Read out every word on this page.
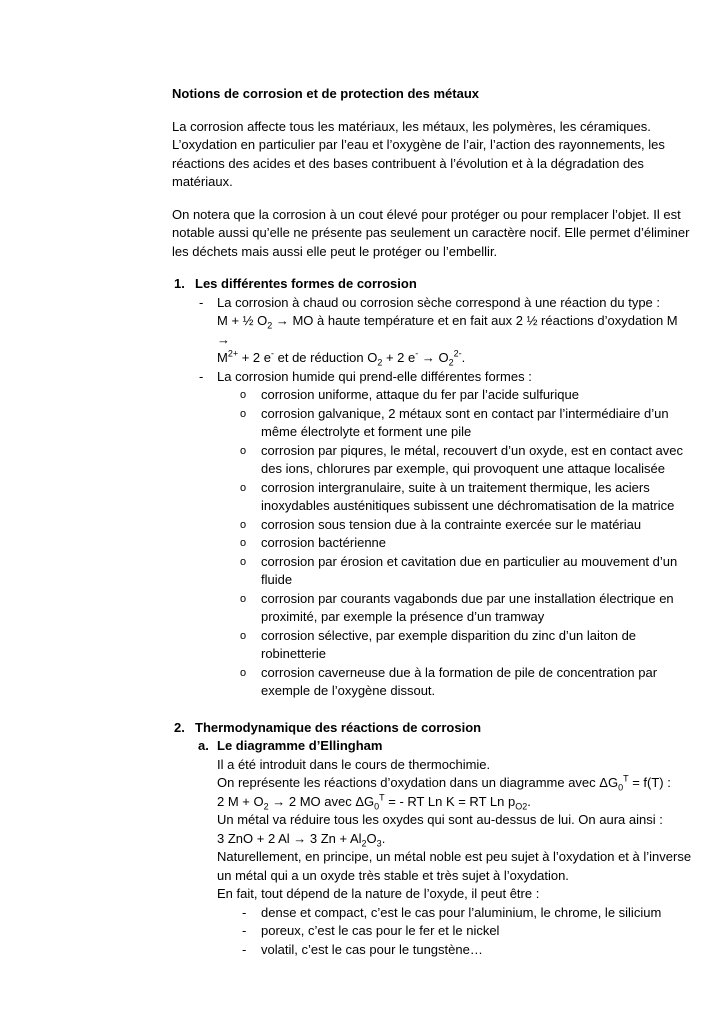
Notions de corrosion et de protection des métaux

La corrosion affecte tous les matériaux, les métaux, les polymères, les céramiques. L’oxydation en particulier par l’eau et l’oxygène de l’air, l’action des rayonnements, les réactions des acides et des bases contribuent à l’évolution et à la dégradation des matériaux.

On notera que la corrosion à un cout élevé pour protéger ou pour remplacer l’objet. Il est notable aussi qu’elle ne présente pas seulement un caractère nocif. Elle permet d’éliminer les déchets mais aussi elle peut le protéger ou l’embellir.

1. Les différentes formes de corrosion
- La corrosion à chaud ou corrosion sèche correspond à une réaction du type :
M + ½ $O_2$ → MO à haute température et en fait aux 2 ½ réactions d’oxydation M →
$M^{2+} + 2$ e- et de réduction $O_2 + 2$ $e^- \to O_2^{2-}$.
- La corrosion humide qui prend-elle différentes formes :
o corrosion uniforme, attaque du fer par l’acide sulfurique
o corrosion galvanique, 2 métaux sont en contact par l’intermédiaire d’un même électrolyte et forment une pile
o corrosion par piqures, le métal, recouvert d’un oxyde, est en contact avec des ions, chlorures par exemple, qui provoquent une attaque localisée
o corrosion intergranulaire, suite à un traitement thermique, les aciers inoxydables austénitiques subissent une déchromatisation de la matrice
o corrosion sous tension due à la contrainte exercée sur le matériau
o corrosion bactérienne
o corrosion par érosion et cavitation due en particulier au mouvement d’un fluide
o corrosion par courants vagabonds due par une installation électrique en proximité, par exemple la présence d’un tramway
o corrosion sélective, par exemple disparition du zinc d’un laiton de robinetterie
o corrosion caverneuse due à la formation de pile de concentration par exemple de l’oxygène dissout.
2. Thermodynamique des réactions de corrosion
a. Le diagramme d’Ellingham
Il a été introduit dans le cours de thermochimie.
On représente les réactions d’oxydation dans un diagramme avec $\Delta G_0^T = f(T)$ :
2 $M + O_2 \to 2$ MO avec $\Delta G_0^T$ = - RT Ln K = RT Ln $p_{O2}$.
Un métal va réduire tous les oxydes qui sont au-dessus de lui. On aura ainsi :
3 ZnO + 2 Al → 3 $Zn + Al_2O_3$.
Naturellement, en principe, un métal noble est peu sujet à l’oxydation et à l’inverse un métal qui a un oxyde très stable et très sujet à l’oxydation.
En fait, tout dépend de la nature de l’oxyde, il peut être :
- dense et compact, c’est le cas pour l’aluminium, le chrome, le silicium
- poreux, c’est le cas pour le fer et le nickel
- volatil, c’est le cas pour le tungstène…
